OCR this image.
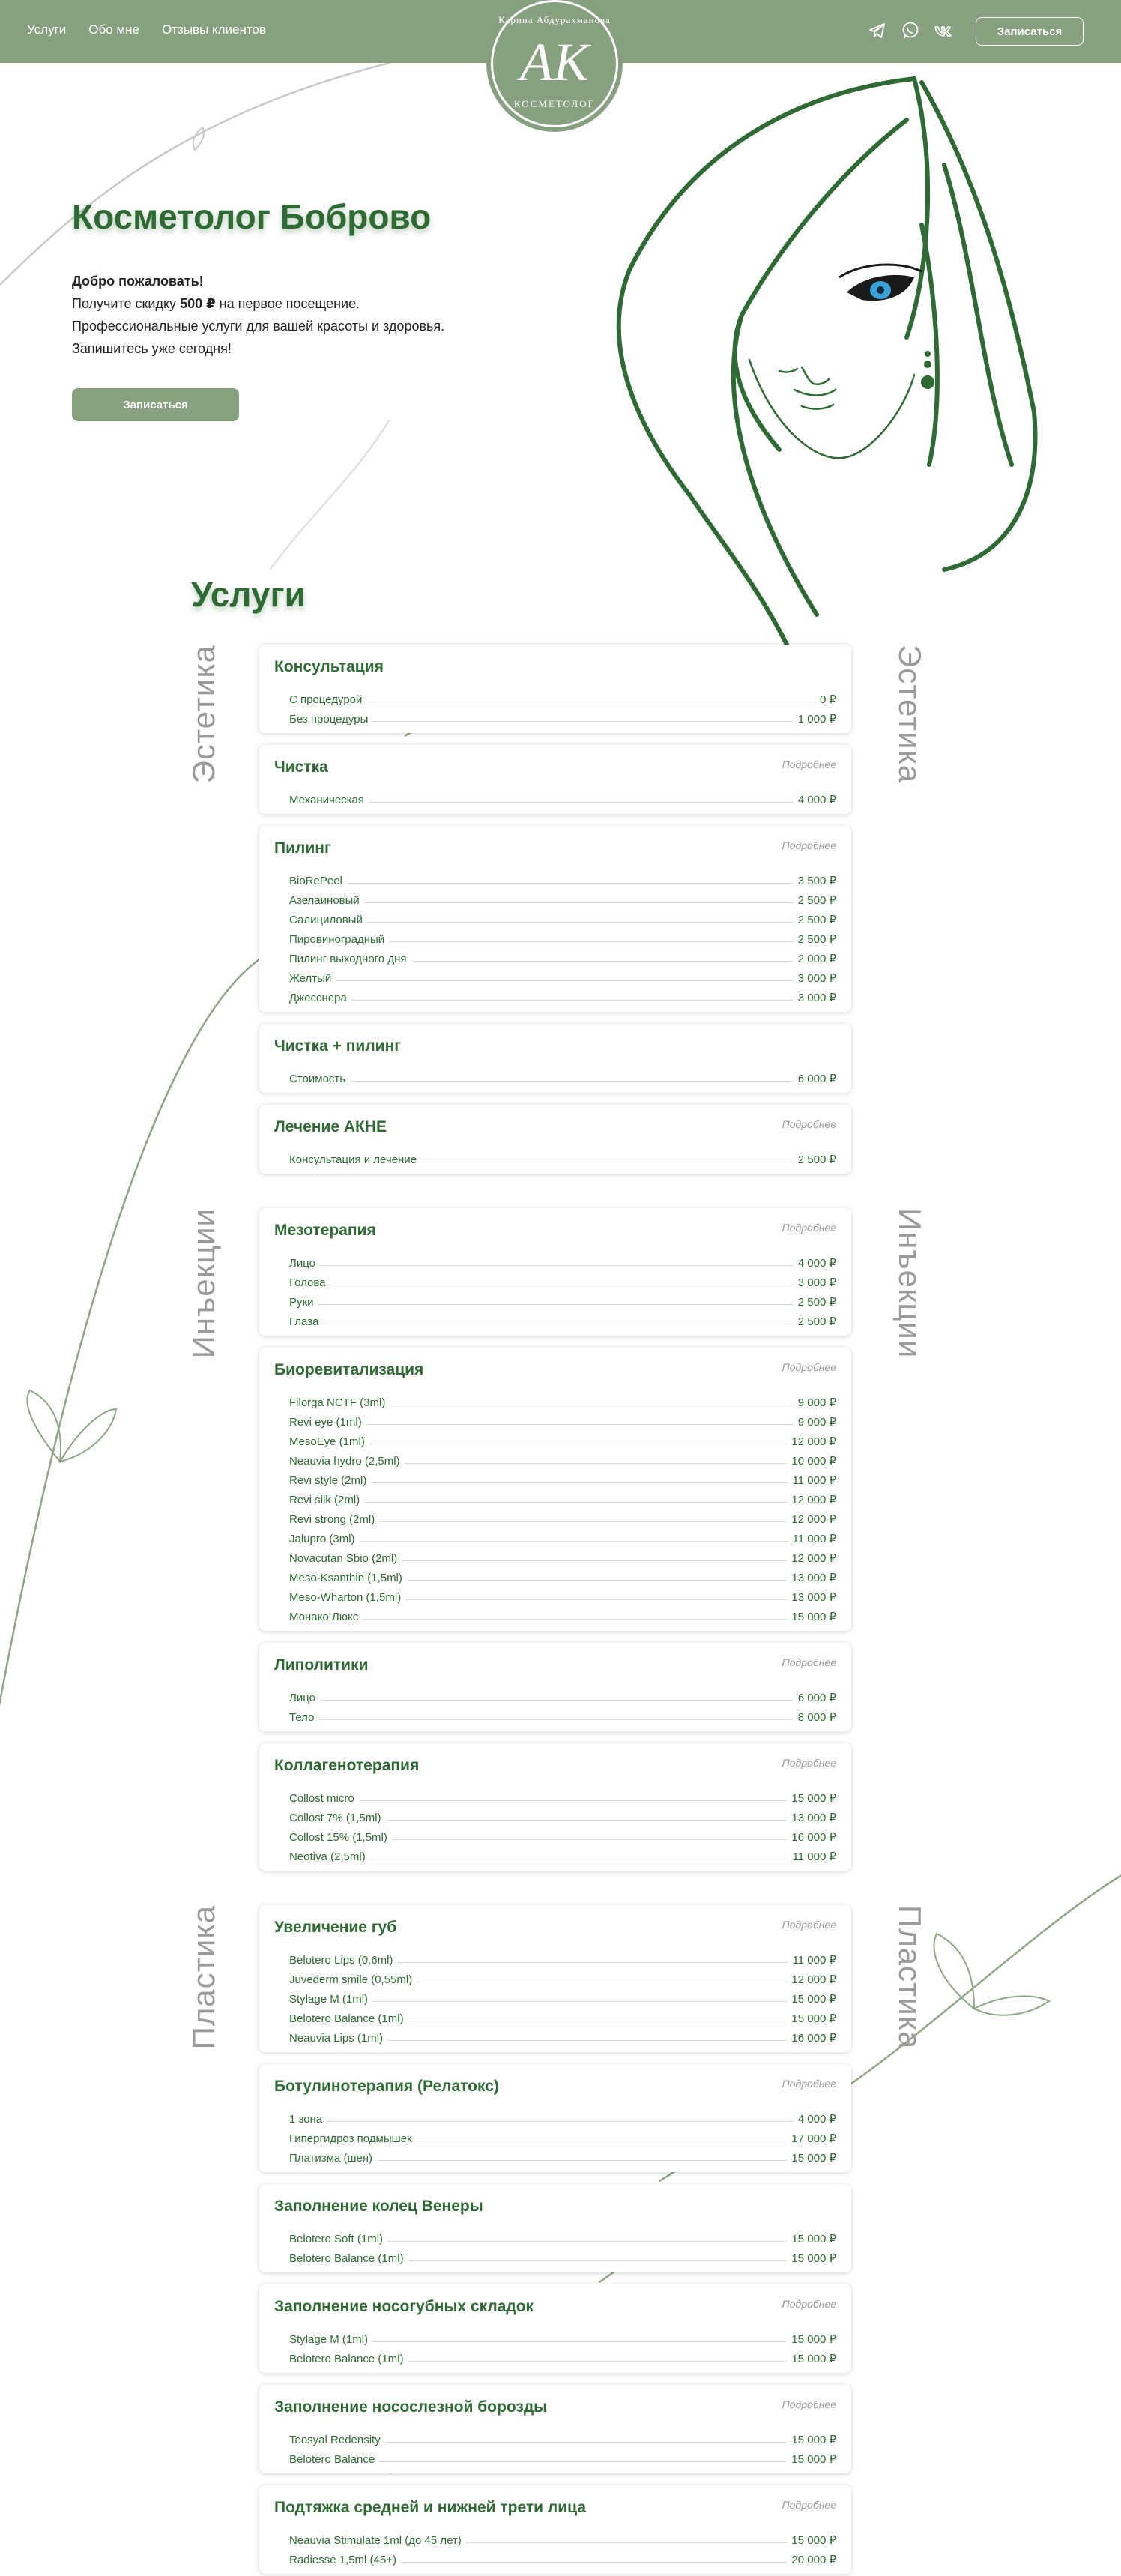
Услуги Обо мне Отзывы клиентов
Карина Абдурахманова
АК
КОСМЕТОЛОГ
Записаться
Косметолог Боброво
Добро пожаловать!
Получите скидку 500 ₽ на первое посещение.
Профессиональные услуги для вашей красоты и здоровья.
Запишитесь уже сегодня!
Записаться
Услуги
Эстетика	Эстетика
Инъекции	Инъекции
Пластика	Пластика
Консультация
С процедурой	0 ₽
Без процедуры	1 000 ₽
Чистка	Подробнее
Механическая	4 000 ₽
Пилинг	Подробнее
BioRePeel	3 500 ₽
Азелаиновый	2 500 ₽
Салициловый	2 500 ₽
Пировиноградный	2 500 ₽
Пилинг выходного дня	2 000 ₽
Желтый	3 000 ₽
Джесснера	3 000 ₽
Чистка + пилинг
Стоимость	6 000 ₽
Лечение АКНЕ	Подробнее
Консультация и лечение	2 500 ₽
Мезотерапия	Подробнее
Лицо	4 000 ₽
Голова	3 000 ₽
Руки	2 500 ₽
Глаза	2 500 ₽
Биоревитализация	Подробнее
Filorga NCTF (3ml)	9 000 ₽
Revi eye (1ml)	9 000 ₽
MesoEye (1ml)	12 000 ₽
Neauvia hydro (2,5ml)	10 000 ₽
Revi style (2ml)	11 000 ₽
Revi silk (2ml)	12 000 ₽
Revi strong (2ml)	12 000 ₽
Jalupro (3ml)	11 000 ₽
Novacutan Sbio (2ml)	12 000 ₽
Meso-Ksanthin (1,5ml)	13 000 ₽
Meso-Wharton (1,5ml)	13 000 ₽
Монако Люкс	15 000 ₽
Липолитики	Подробнее
Лицо	6 000 ₽
Тело	8 000 ₽
Коллагенотерапия	Подробнее
Collost micro	15 000 ₽
Collost 7% (1,5ml)	13 000 ₽
Collost 15% (1,5ml)	16 000 ₽
Neotiva (2,5ml)	11 000 ₽
Увеличение губ	Подробнее
Belotero Lips (0,6ml)	11 000 ₽
Juvederm smile (0,55ml)	12 000 ₽
Stylage M (1ml)	15 000 ₽
Belotero Balance (1ml)	15 000 ₽
Neauvia Lips (1ml)	16 000 ₽
Ботулинотерапия (Релатокс)	Подробнее
1 зона	4 000 ₽
Гипергидроз подмышек	17 000 ₽
Платизма (шея)	15 000 ₽
Заполнение колец Венеры
Belotero Soft (1ml)	15 000 ₽
Belotero Balance (1ml)	15 000 ₽
Заполнение носогубных складок	Подробнее
Stylage M (1ml)	15 000 ₽
Belotero Balance (1ml)	15 000 ₽
Заполнение носослезной борозды	Подробнее
Teosyal Redensity	15 000 ₽
Belotero Balance	15 000 ₽
Подтяжка средней и нижней трети лица	Подробнее
Neauvia Stimulate 1ml (до 45 лет)	15 000 ₽
Radiesse 1,5ml (45+)	20 000 ₽
